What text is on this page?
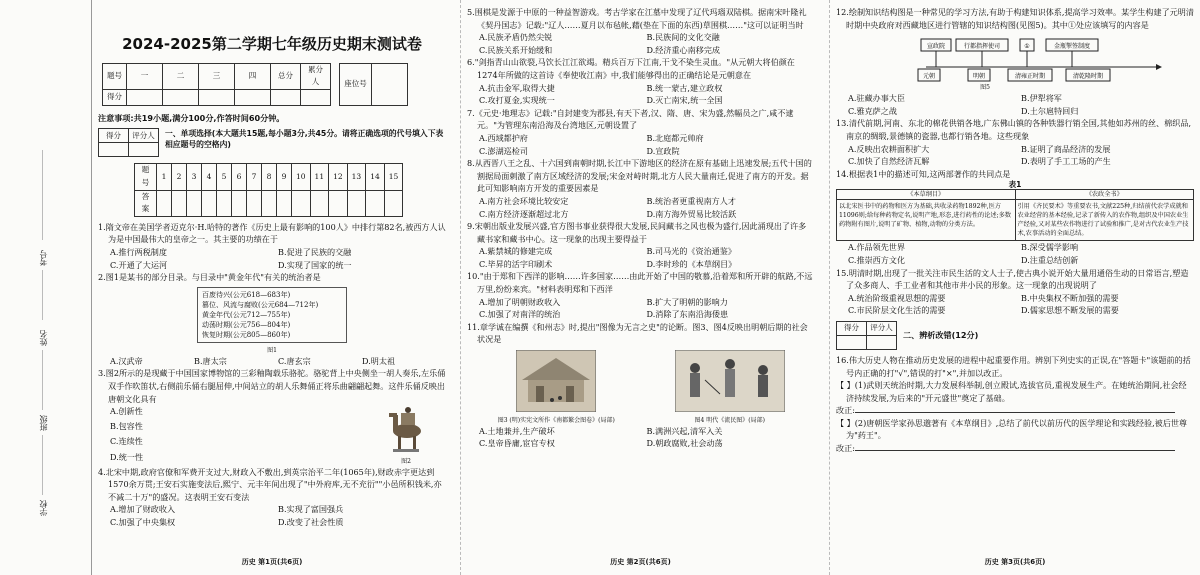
考号
姓名
班级
学校
2024-2025第二学期七年级历史期末测试卷
题号	一	二	三	四	总分	累分人		座位号	
得分									
注意事项:共19小题,满分100分,作答时间60分钟。
得分	评分人
	一、单项选择(本大题共15题,每小题3分,共45分。请将正确选项的代号填入下表相应题号的空格内)
题号	1	2	3	4	5	6	7	8	9	10	11	12	13	14	15
答案															
1.隋文帝在美国学者迈克尔·H.哈特的著作《历史上最有影响的100人》中排行第82名,被西方人认为是中国最伟大的皇帝之一。其主要的功绩在于
A.推行两税制度	B.促进了民族的交融
C.开通了大运河	D.实现了国家的统一
2.图1是某书的部分目录。与目录中"黄金年代"有关的统治者是
百废待兴(公元618—683年)
篡位、风流与腐败(公元684—712年)
黄金年代(公元712—755年)
动荡时期(公元756—804年)
恢复时期(公元805—860年)
图1
A.汉武帝	B.唐太宗	C.唐玄宗	D.明太祖
3.图2所示的是现藏于中国国家博物馆的三彩釉陶载乐骆驼。骆驼背上中央侧坐一胡人奏乐,左乐俑双手作吹笛状,右侧前乐俑右腿屈伸,中间站立的胡人乐舞俑正将乐曲翩翩起舞。这件乐俑反映出唐朝文化具有
A.创新性
B.包容性
C.连续性
D.统一性	图2
4.北宋中期,政府官僚和军费开支过大,财政入不敷出,到英宗治平二年(1065年),财政赤字更达到1570余万贯;王安石实施变法后,熙宁、元丰年间出现了"中外府库,无不充衍""小邑所积钱米,亦不减二十万"的盛况。这表明王安石变法
A.增加了财政收入	B.实现了富国强兵
C.加强了中央集权	D.改变了社会性质
历史 第1页(共6页)
5.围棋是发源于中原的一种益智游戏。考古学家在江墓中发现了辽代玛瑙双陆棋。据南宋叶隆礼《契丹国志》记载:"辽人……夏月以布毡帐,藉(垫在下面的东西)草围棋……"这可以证明当时
A.民族矛盾仍然尖锐	B.民族间的文化交融
C.民族关系开始缓和	D.经济重心南移完成
6."剑指青山山欲裂,马饮长江江欲竭。精兵百万下江南,干戈不染生灵血。"从元朝大将伯颜在1274年所做的这首诗《奉使收江南》中,我们能够得出的正确结论是元朝意在
A.抗击金军,取得大捷	B.统一蒙古,建立政权
C.攻打夏金,实现统一	D.灭亡南宋,统一全国
7.《元史·地理志》记载:"自封建变为郡县,有天下者,汉、隋、唐、宋为盛,然幅员之广,咸不逮元。"为管理东南沿海及台湾地区,元朝设置了
A.西域都护府	B.北庭都元帅府
C.澎湖巡检司	D.宣政院
8.从西晋八王之乱、十六国到南朝时期,长江中下游地区的经济在原有基础上迅速发展;五代十国的割据局面刺激了南方区域经济的发展;宋金对峙时期,北方人民大量南迁,促进了南方的开发。据此可知影响南方开发的重要因素是
A.南方社会环境比较安定	B.统治者更重视南方人才
C.南方经济逐渐超过北方	D.南方海外贸易比较活跃
9.宋朝出版业发展兴盛,官方图书事业获得很大发展,民间藏书之风也极为盛行,因此涌现出了许多藏书家和藏书中心。这一现象的出现主要得益于
A.紫禁城的修建完成	B.司马光的《资治通鉴》
C.毕昇的活字印刷术	D.李时珍的《本草纲目》
10."由于郑和下西洋的影响……许多国家……由此开始了中国的敬慕,沿着郑和所开辟的航路,不远万里,纷纷来宾。"材料表明郑和下西洋
A.增加了明朝财政收入	B.扩大了明朝的影响力
C.加强了对南洋的统治	D.消除了东南沿海倭患
11.章学诚在编撰《和州志》时,提出"图像为无言之史"的论断。图3、图4反映出明朝后期的社会状况是
图3 (明)实宪文所作《南都繁会图卷》(局部)	图4 明代《流民图》(局部)
A.土地兼并,生产破坏	B.满洲兴起,清军入关
C.皇帝昏庸,宦官专权	D.朝政腐败,社会动荡
历史 第2页(共6页)
12.绘制知识结构图是一种常见的学习方法,有助于构建知识体系,提高学习效率。某学生构建了元明清时期中央政府对西藏地区进行管辖的知识结构图(见图5)。其中①处应该填写的内容是
宣政院	行都指挥使司	①	金瓶掣签制度
元朝	明朝	清雍正时期	清乾隆时期
图5
A.驻藏办事大臣	B.伊犁将军
C.雅克萨之战	D.土尔扈特回归
13.清代前期,河南、东北的棉花供销各地,广东佛山镇的各种铁器行销全国,其他如苏州的丝、棉织品,南京的绸缎,景德镇的瓷器,也都行销各地。这些现象
A.反映出农耕面积扩大	B.证明了商品经济的发展
C.加快了自然经济瓦解	D.表明了手工工场的产生
14.根据表1中的描述可知,这两部著作的共同点是
表1
《本草纲目》	《农政全书》
以北宋医书中的药物和医方为基础,共收录药物1892种,医方11096则;给每种药物定名,说明产地,形态,进行药性的论述;多数药物附有图片,说明了矿物、植物,动物的分类方法。	引用《齐民要术》等重要农书,文献225种,归结前代农学成就和农业经营的基本经验,记录了新传入的农作物,组织及中国农业生产经验,又对某些农作物进行了试验和推广,是对古代农业生产技术,农事活动的全面总结。
A.作品领先世界	B.深受儒学影响
C.推崇西方文化	D.注重总结创新
15.明清时期,出现了一批关注市民生活的文人士子,使古典小说开始大量用通俗生动的日常语言,塑造了众多商人、手工业者和其他市井小民的形象。这一现象的出现说明了
A.统治阶级重视思想的需要	B.中央集权不断加强的需要
C.市民阶层文化生活的需要	D.儒家思想不断发展的需要
得分	评分人

二、辨析改错(12分)
16.伟大历史人物在推动历史发展的进程中起重要作用。辨别下列史实的正误,在"答题卡"该题前的括号内正确的打"√",错误的打"×",并加以改正。
【 】(1)武则天统治时期,大力发展科举制,创立殿试,选拔官员,重视发展生产。在她统治期间,社会经济持续发展,为后来的"开元盛世"奠定了基础。
改正:
【 】(2)唐朝医学家孙思邈著有《本草纲目》,总结了前代以前历代的医学理论和实践经验,被后世尊为"药王"。
改正:
历史 第3页(共6页)
